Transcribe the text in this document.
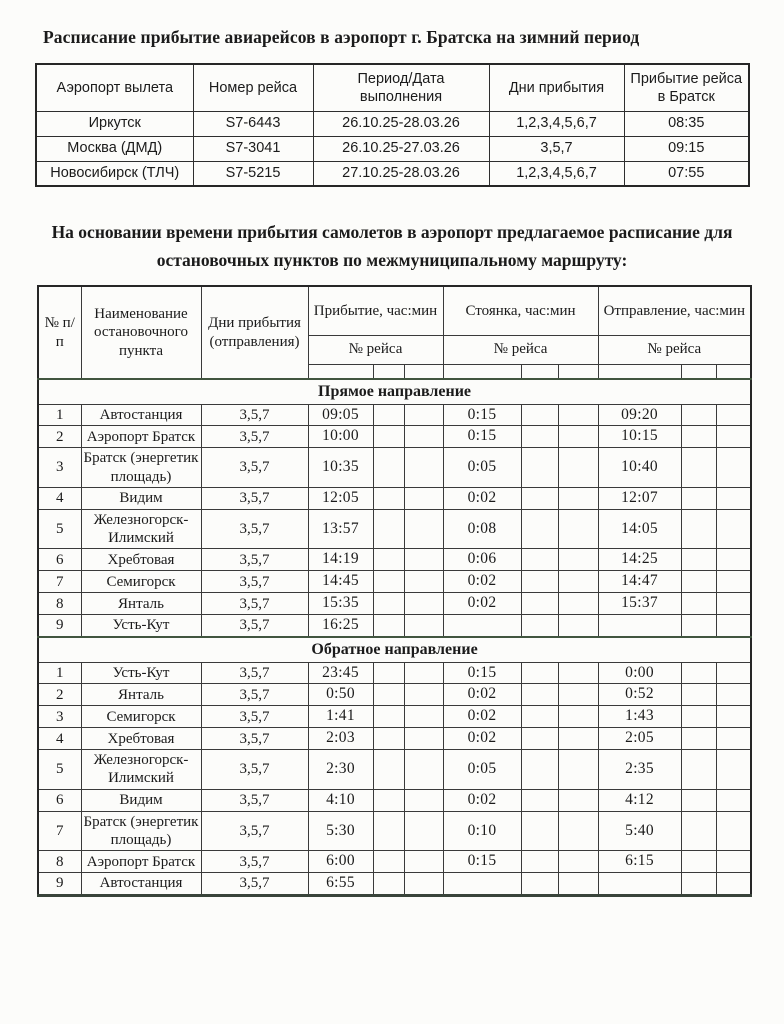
Расписание прибытие авиарейсов в аэропорт г. Братска на зимний период
Аэропорт вылета	Номер рейса	Период/Дата выполнения	Дни прибытия	Прибытие рейса в Братск
Иркутск	S7-6443	26.10.25-28.03.26	1,2,3,4,5,6,7	08:35
Москва (ДМД)	S7-3041	26.10.25-27.03.26	3,5,7	09:15
Новосибирск (ТЛЧ)	S7-5215	27.10.25-28.03.26	1,2,3,4,5,6,7	07:55

На основании времени прибытия самолетов в аэропорт предлагаемое расписание для остановочных пунктов по межмуниципальному маршруту:

№ п/п	Наименование остановочного пункта	Дни прибытия (отправления)	Прибытие, час:мин			Стоянка, час:мин			Отправление, час:мин		
			№ рейса			№ рейса			№ рейса		

Прямое направление											
1	Автостанция	3,5,7	09:05			0:15			09:20		
2	Аэропорт Братск	3,5,7	10:00			0:15			10:15		
3	Братск (энергетик площадь)	3,5,7	10:35			0:05			10:40		
4	Видим	3,5,7	12:05			0:02			12:07		
5	Железногорск-Илимский	3,5,7	13:57			0:08			14:05		
6	Хребтовая	3,5,7	14:19			0:06			14:25		
7	Семигорск	3,5,7	14:45			0:02			14:47		
8	Янталь	3,5,7	15:35			0:02			15:37		
9	Усть-Кут	3,5,7	16:25								
Обратное направление											
1	Усть-Кут	3,5,7	23:45			0:15			0:00		
2	Янталь	3,5,7	0:50			0:02			0:52		
3	Семигорск	3,5,7	1:41			0:02			1:43		
4	Хребтовая	3,5,7	2:03			0:02			2:05		
5	Железногорск-Илимский	3,5,7	2:30			0:05			2:35		
6	Видим	3,5,7	4:10			0:02			4:12		
7	Братск (энергетик площадь)	3,5,7	5:30			0:10			5:40		
8	Аэропорт Братск	3,5,7	6:00			0:15			6:15		
9	Автостанция	3,5,7	6:55								
